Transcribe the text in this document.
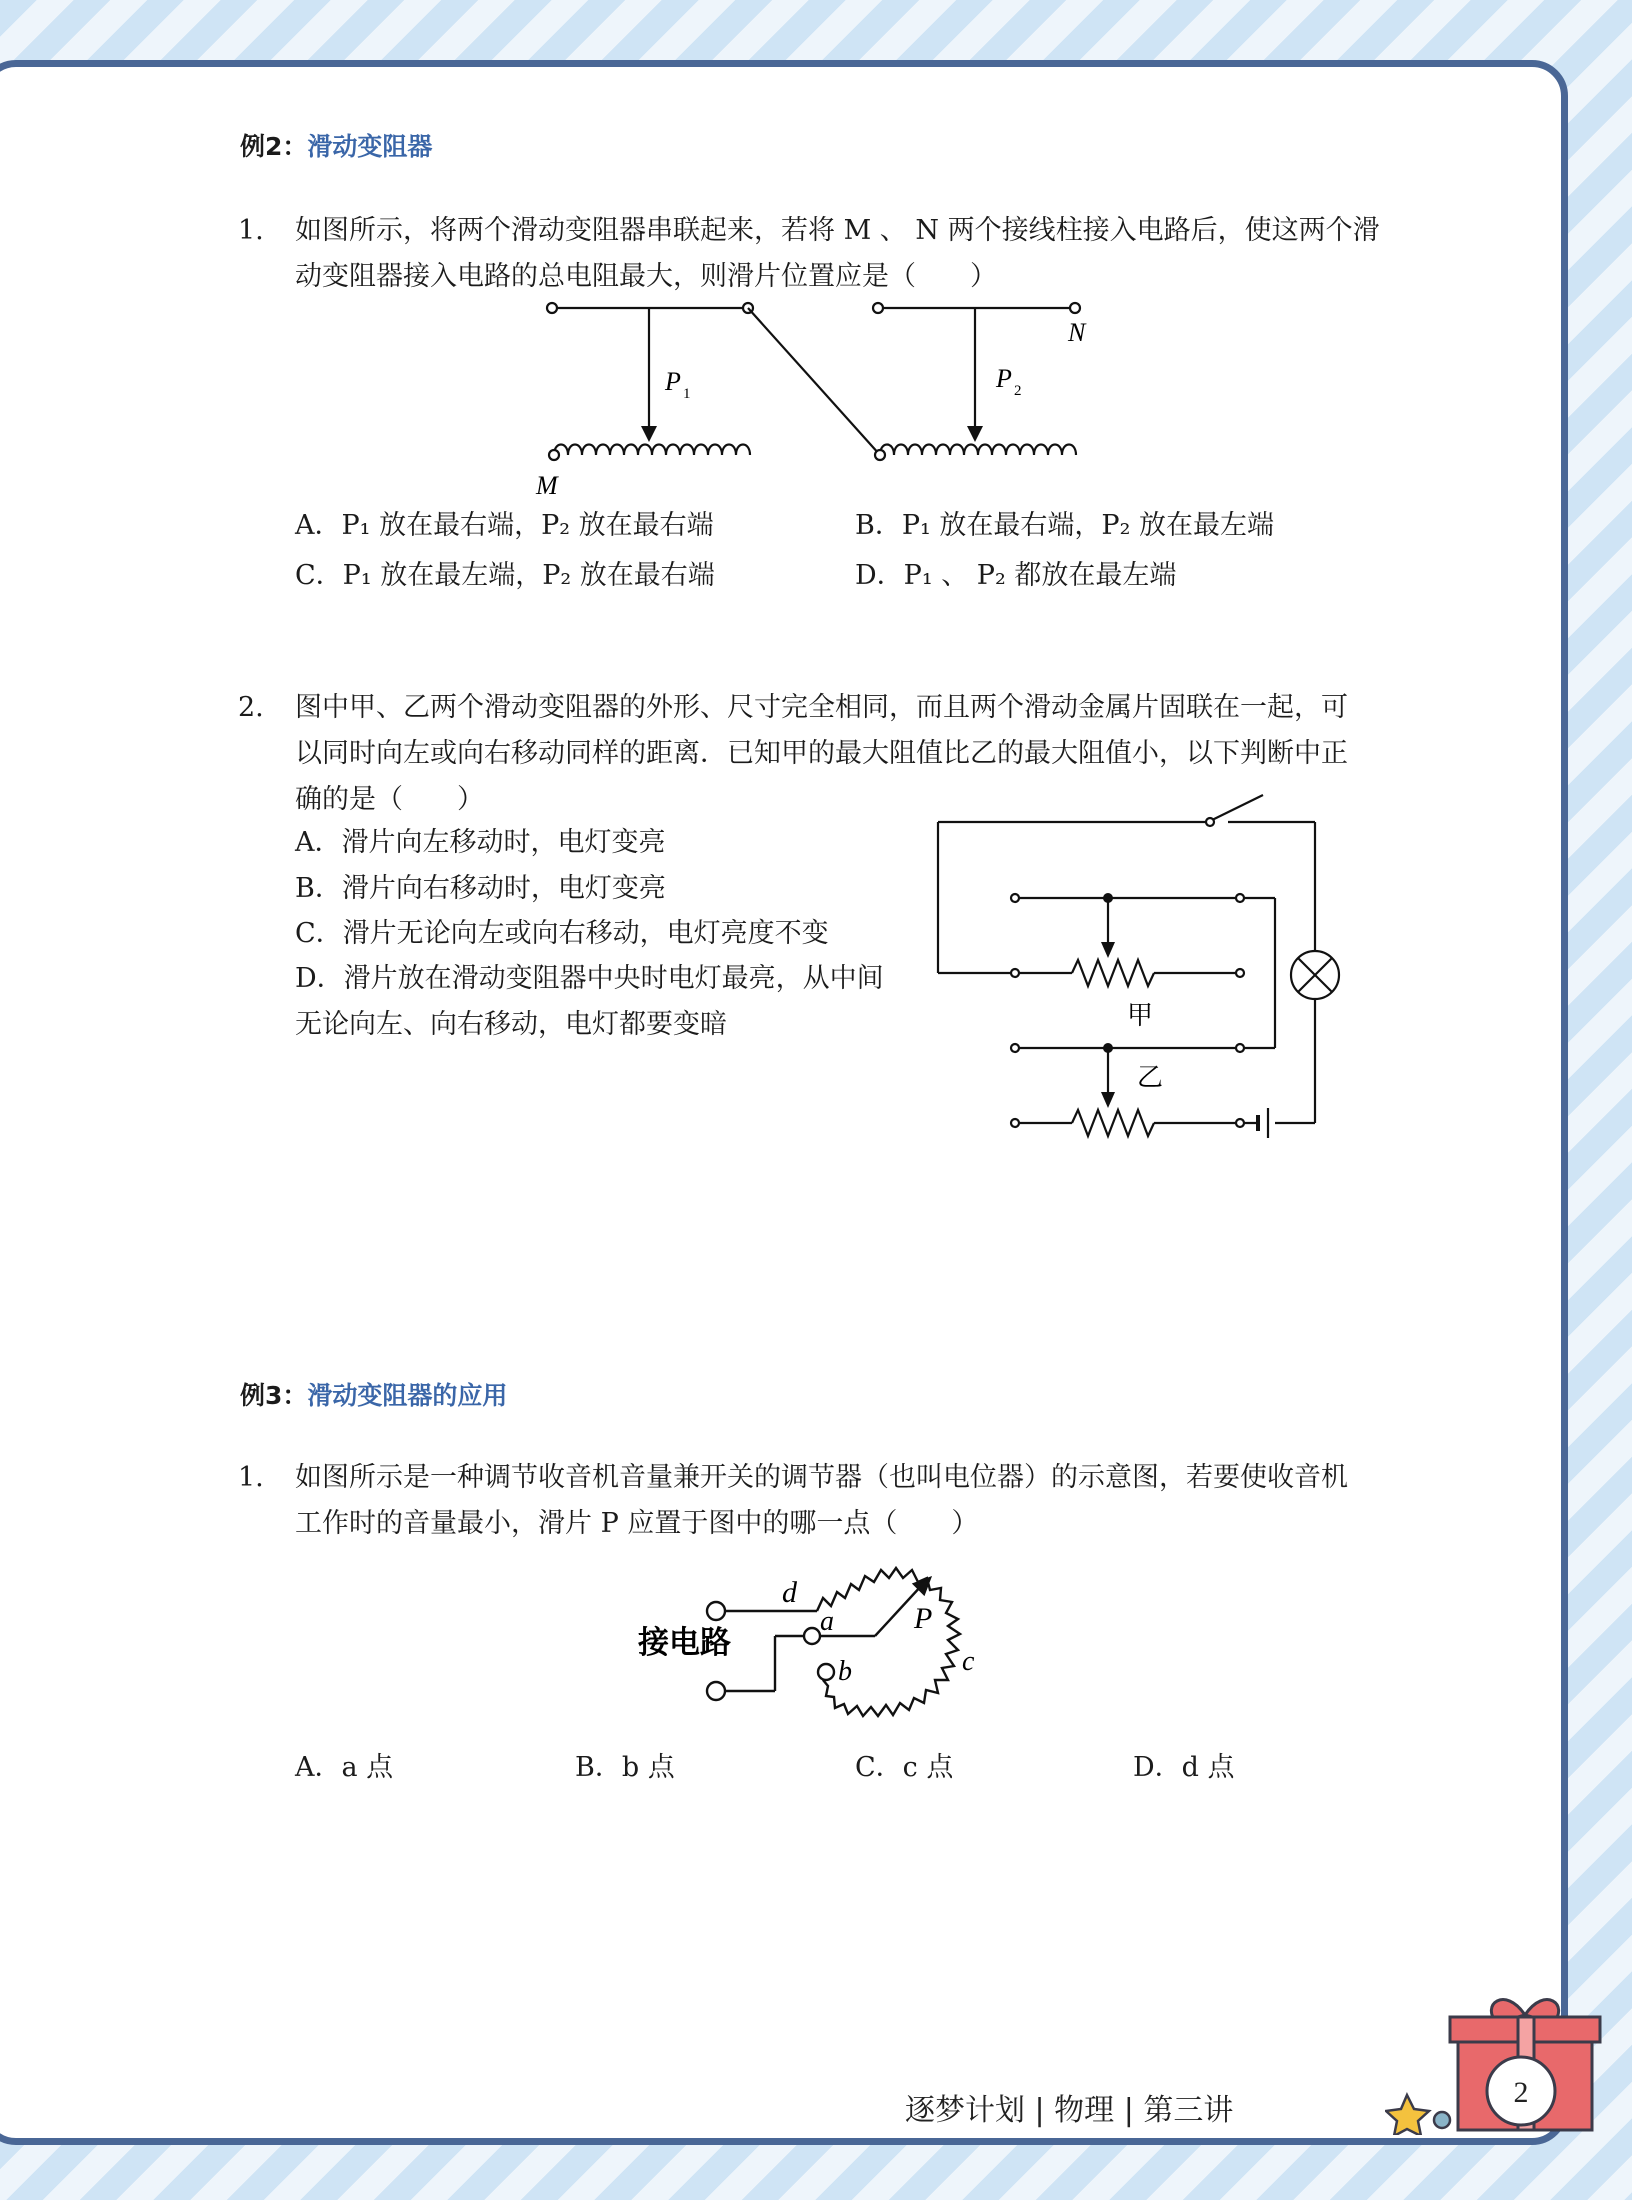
例2：滑动变阻器
1. 如图所示，将两个滑动变阻器串联起来，若将 M 、 N 两个接线柱接入电路后，使这两个滑
动变阻器接入电路的总电阻最大，则滑片位置应是（　　）
P 1
P 2
M
N
A．P₁ 放在最右端，P₂ 放在最右端	B．P₁ 放在最右端，P₂ 放在最左端
C．P₁ 放在最左端，P₂ 放在最右端	D．P₁ 、 P₂ 都放在最左端
2. 图中甲、乙两个滑动变阻器的外形、尺寸完全相同，而且两个滑动金属片固联在一起，可
以同时向左或向右移动同样的距离．已知甲的最大阻值比乙的最大阻值小，以下判断中正
确的是（　　）
A．滑片向左移动时，电灯变亮
B．滑片向右移动时，电灯变亮
C．滑片无论向左或向右移动，电灯亮度不变
D．滑片放在滑动变阻器中央时电灯最亮，从中间
无论向左、向右移动，电灯都要变暗	甲
乙
例3：滑动变阻器的应用
1. 如图所示是一种调节收音机音量兼开关的调节器（也叫电位器）的示意图，若要使收音机
工作时的音量最小，滑片 P 应置于图中的哪一点（　　）
接电路
a
b	c
d
P
A．a 点	B．b 点	C．c 点	D．d 点
逐梦计划 | 物理 | 第三讲
2
